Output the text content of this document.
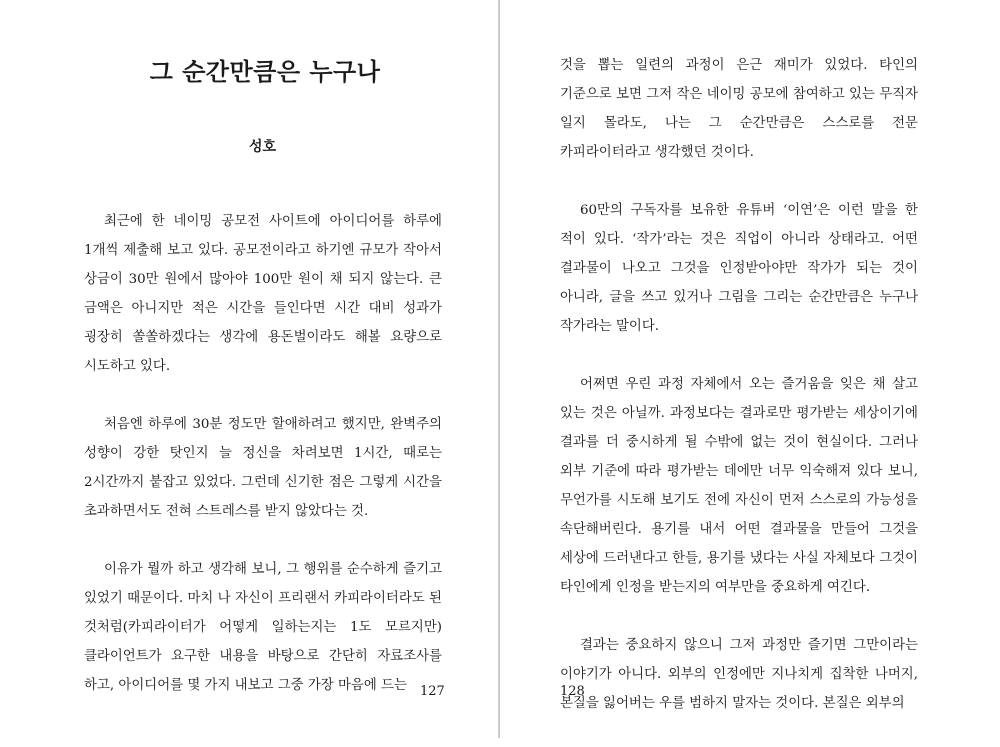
그 순간만큼은 누구나
성호

최근에 한 네이밍 공모전 사이트에 아이디어를 하루에 1개씩 제출해 보고 있다. 공모전이라고 하기엔 규모가 작아서 상금이 30만 원에서 많아야 100만 원이 채 되지 않는다. 큰 금액은 아니지만 적은 시간을 들인다면 시간 대비 성과가 굉장히 쏠쏠하겠다는 생각에 용돈벌이라도 해볼 요량으로 시도하고 있다.

처음엔 하루에 30분 정도만 할애하려고 했지만, 완벽주의 성향이 강한 탓인지 늘 정신을 차려보면 1시간, 때로는 2시간까지 붙잡고 있었다. 그런데 신기한 점은 그렇게 시간을 초과하면서도 전혀 스트레스를 받지 않았다는 것.

이유가 뭘까 하고 생각해 보니, 그 행위를 순수하게 즐기고 있었기 때문이다. 마치 나 자신이 프리랜서 카피라이터라도 된 것처럼(카피라이터가 어떻게 일하는지는 1도 모르지만) 클라이언트가 요구한 내용을 바탕으로 간단히 자료조사를 하고, 아이디어를 몇 가지 내보고 그중 가장 마음에 드는	127

것을 뽑는 일련의 과정이 은근 재미가 있었다. 타인의 기준으로 보면 그저 작은 네이밍 공모에 참여하고 있는 무직자 일지 몰라도, 나는 그 순간만큼은 스스로를 전문 카피라이터라고 생각했던 것이다.

60만의 구독자를 보유한 유튜버 ‘이연’은 이런 말을 한 적이 있다. ‘작가’라는 것은 직업이 아니라 상태라고. 어떤 결과물이 나오고 그것을 인정받아야만 작가가 되는 것이 아니라, 글을 쓰고 있거나 그림을 그리는 순간만큼은 누구나 작가라는 말이다.

어쩌면 우린 과정 자체에서 오는 즐거움을 잊은 채 살고 있는 것은 아닐까. 과정보다는 결과로만 평가받는 세상이기에 결과를 더 중시하게 될 수밖에 없는 것이 현실이다. 그러나 외부 기준에 따라 평가받는 데에만 너무 익숙해져 있다 보니, 무언가를 시도해 보기도 전에 자신이 먼저 스스로의 가능성을 속단해버린다. 용기를 내서 어떤 결과물을 만들어 그것을 세상에 드러낸다고 한들, 용기를 냈다는 사실 자체보다 그것이 타인에게 인정을 받는지의 여부만을 중요하게 여긴다.

결과는 중요하지 않으니 그저 과정만 즐기면 그만이라는 이야기가 아니다. 외부의 인정에만 지나치게 집착한 나머지, 본질을 잃어버는 우를 범하지 말자는 것이다. 본질은 외부의

128
